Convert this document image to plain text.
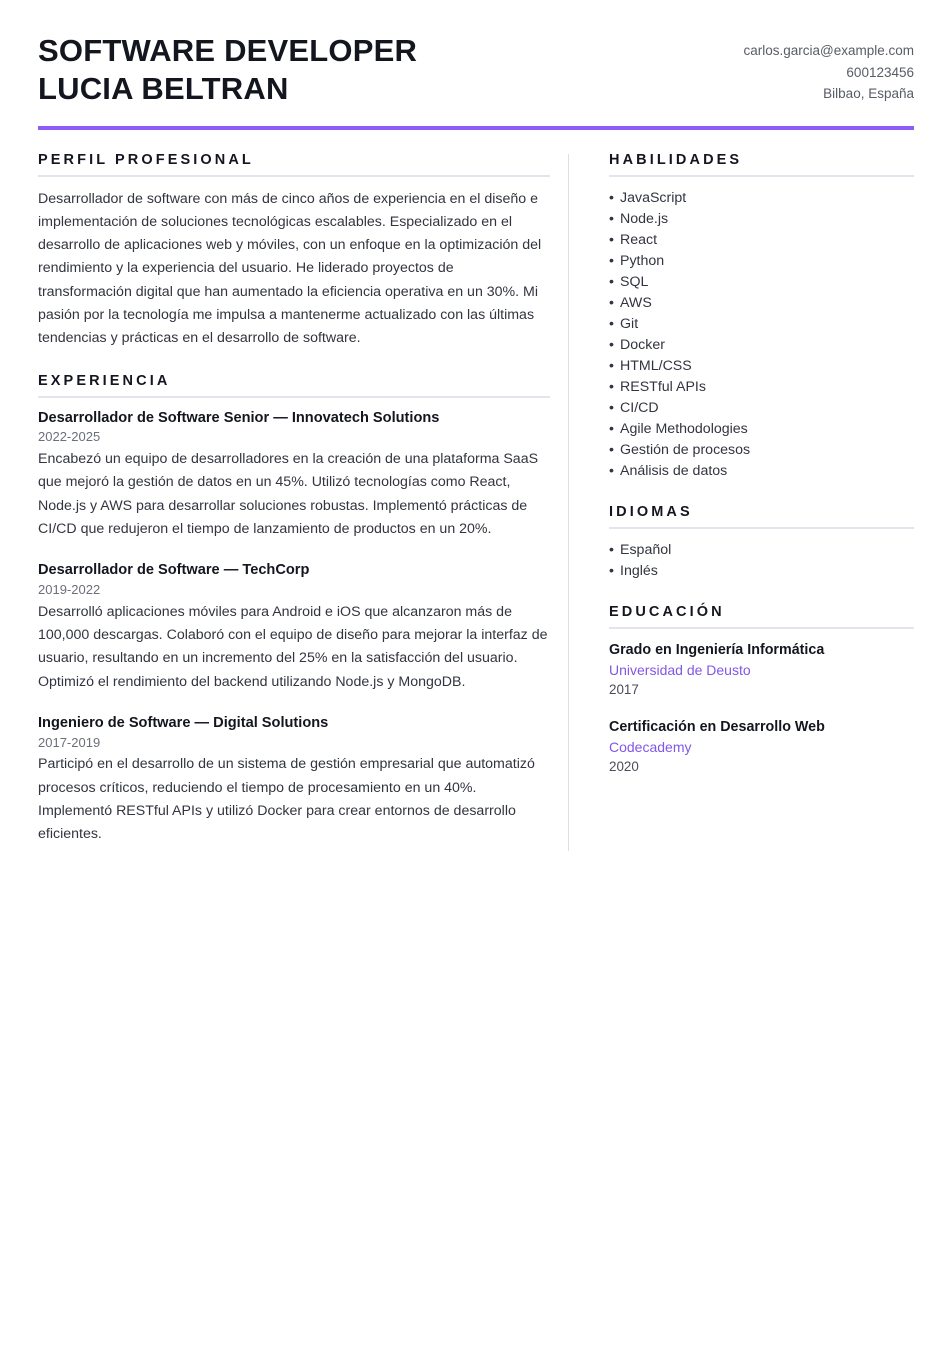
SOFTWARE DEVELOPER
LUCIA BELTRAN
carlos.garcia@example.com
600123456
Bilbao, España
PERFIL PROFESIONAL

Desarrollador de software con más de cinco años de experiencia en el diseño e implementación de soluciones tecnológicas escalables. Especializado en el desarrollo de aplicaciones web y móviles, con un enfoque en la optimización del rendimiento y la experiencia del usuario. He liderado proyectos de transformación digital que han aumentado la eficiencia operativa en un 30%. Mi pasión por la tecnología me impulsa a mantenerme actualizado con las últimas tendencias y prácticas en el desarrollo de software.

EXPERIENCIA
Desarrollador de Software Senior — Innovatech Solutions
2022-2025
Encabezó un equipo de desarrolladores en la creación de una plataforma SaaS que mejoró la gestión de datos en un 45%. Utilizó tecnologías como React, Node.js y AWS para desarrollar soluciones robustas. Implementó prácticas de CI/CD que redujeron el tiempo de lanzamiento de productos en un 20%.
Desarrollador de Software — TechCorp
2019-2022
Desarrolló aplicaciones móviles para Android e iOS que alcanzaron más de 100,000 descargas. Colaboró con el equipo de diseño para mejorar la interfaz de usuario, resultando en un incremento del 25% en la satisfacción del usuario. Optimizó el rendimiento del backend utilizando Node.js y MongoDB.
Ingeniero de Software — Digital Solutions
2017-2019
Participó en el desarrollo de un sistema de gestión empresarial que automatizó procesos críticos, reduciendo el tiempo de procesamiento en un 40%. Implementó RESTful APIs y utilizó Docker para crear entornos de desarrollo eficientes.
HABILIDADES
• JavaScript
• Node.js
• React
• Python
• SQL
• AWS
• Git
• Docker
• HTML/CSS
• RESTful APIs
• CI/CD
• Agile Methodologies
• Gestión de procesos
• Análisis de datos
IDIOMAS
• Español
• Inglés
EDUCACIÓN
Grado en Ingeniería Informática
Universidad de Deusto
2017
Certificación en Desarrollo Web
Codecademy
2020
